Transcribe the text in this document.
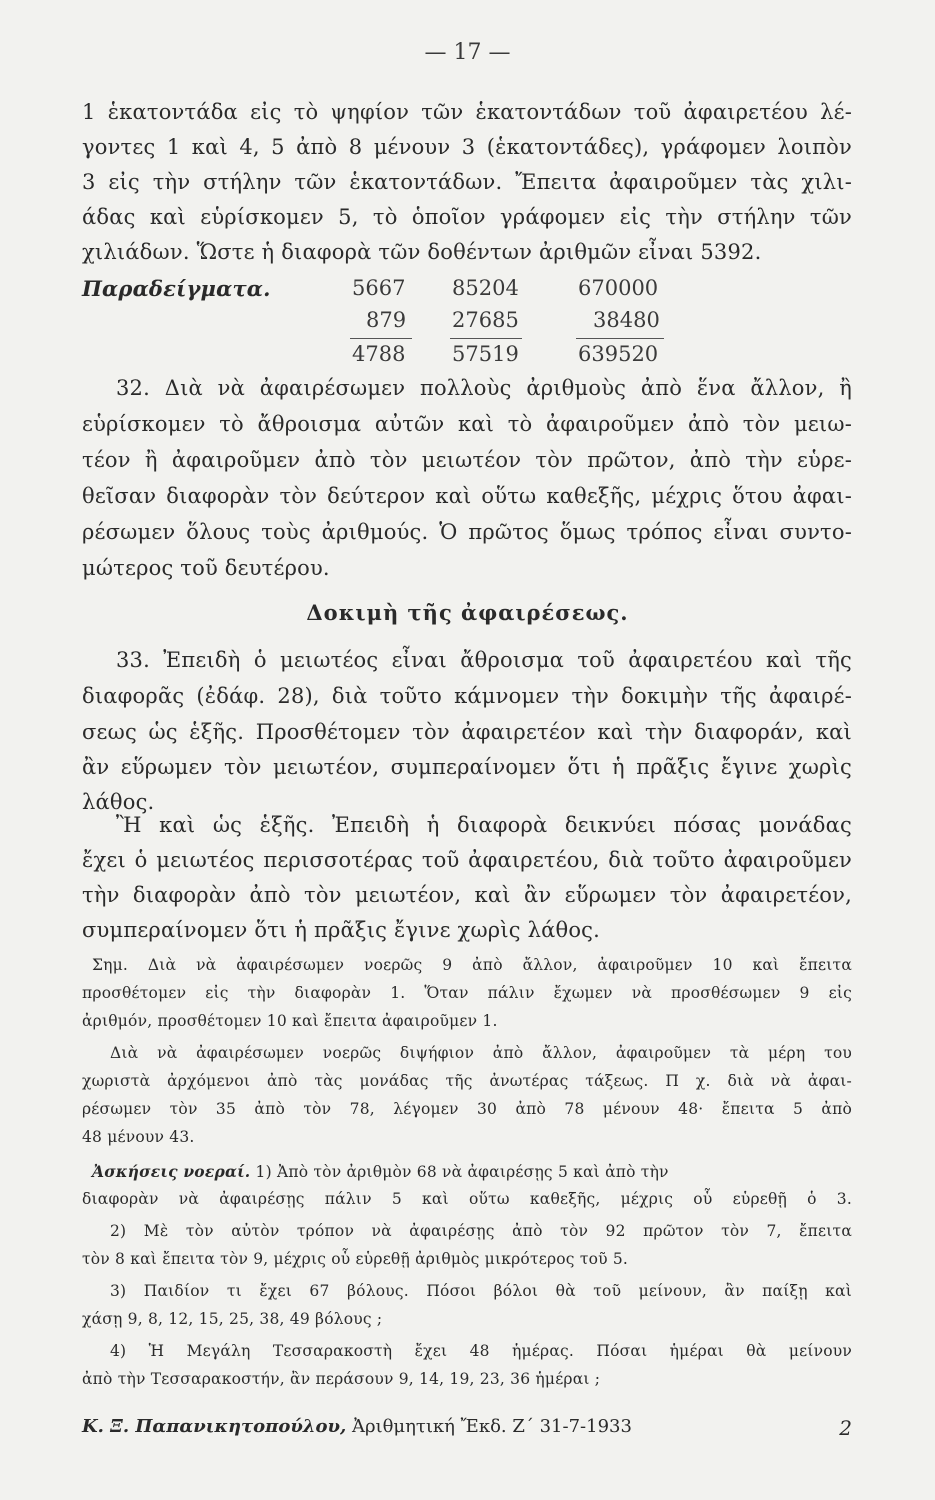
— 17 —
1 ἑκατοντάδα εἰς τὸ ψηφίον τῶν ἑκατοντάδων τοῦ ἀφαιρετέου λέ-
γοντες 1 καὶ 4, 5 ἀπὸ 8 μένουν 3 (ἑκατοντάδες), γράφομεν λοιπὸν
3 εἰς τὴν στήλην τῶν ἑκατοντάδων. Ἔπειτα ἀφαιροῦμεν τὰς χιλι-
άδας καὶ εὑρίσκομεν 5, τὸ ὁποῖον γράφομεν εἰς τὴν στήλην τῶν
χιλιάδων. Ὥστε ἡ διαφορὰ τῶν δοθέντων ἀριθμῶν εἶναι 5392.
Παραδείγματα.	5667
879
4788
85204
27685
57519
670000
38480
639520
32. Διὰ νὰ ἀφαιρέσωμεν πολλοὺς ἀριθμοὺς ἀπὸ ἕνα ἄλλον, ἢ
εὑρίσκομεν τὸ ἄθροισμα αὐτῶν καὶ τὸ ἀφαιροῦμεν ἀπὸ τὸν μειω-
τέον ἢ ἀφαιροῦμεν ἀπὸ τὸν μειωτέον τὸν πρῶτον, ἀπὸ τὴν εὑρε-
θεῖσαν διαφορὰν τὸν δεύτερον καὶ οὕτω καθεξῆς, μέχρις ὅτου ἀφαι-
ρέσωμεν ὅλους τοὺς ἀριθμούς. Ὁ πρῶτος ὅμως τρόπος εἶναι συντο-
μώτερος τοῦ δευτέρου.
Δοκιμὴ τῆς ἀφαιρέσεως.
33. Ἐπειδὴ ὁ μειωτέος εἶναι ἄθροισμα τοῦ ἀφαιρετέου καὶ τῆς
διαφορᾶς (ἐδάφ. 28), διὰ τοῦτο κάμνομεν τὴν δοκιμὴν τῆς ἀφαιρέ-
σεως ὡς ἑξῆς. Προσθέτομεν τὸν ἀφαιρετέον καὶ τὴν διαφοράν, καὶ
ἂν εὕρωμεν τὸν μειωτέον, συμπεραίνομεν ὅτι ἡ πρᾶξις ἔγινε χωρὶς
λάθος.
Ἢ καὶ ὡς ἑξῆς. Ἐπειδὴ ἡ διαφορὰ δεικνύει πόσας μονάδας
ἔχει ὁ μειωτέος περισσοτέρας τοῦ ἀφαιρετέου, διὰ τοῦτο ἀφαιροῦμεν
τὴν διαφορὰν ἀπὸ τὸν μειωτέον, καὶ ἂν εὕρωμεν τὸν ἀφαιρετέον,
συμπεραίνομεν ὅτι ἡ πρᾶξις ἔγινε χωρὶς λάθος.
Σημ. Διὰ νὰ ἀφαιρέσωμεν νοερῶς 9 ἀπὸ ἄλλον, ἀφαιροῦμεν 10 καὶ ἔπειτα
προσθέτομεν εἰς τὴν διαφορὰν 1. Ὅταν πάλιν ἔχωμεν νὰ προσθέσωμεν 9 εἰς
ἀριθμόν, προσθέτομεν 10 καὶ ἔπειτα ἀφαιροῦμεν 1.
Διὰ νὰ ἀφαιρέσωμεν νοερῶς διψήφιον ἀπὸ ἄλλον, ἀφαιροῦμεν τὰ μέρη του
χωριστὰ ἀρχόμενοι ἀπὸ τὰς μονάδας τῆς ἀνωτέρας τάξεως. Π χ. διὰ νὰ ἀφαι-
ρέσωμεν τὸν 35 ἀπὸ τὸν 78, λέγομεν 30 ἀπὸ 78 μένουν 48· ἔπειτα 5 ἀπὸ
48 μένουν 43.
Ἀσκήσεις νοεραί. 1) Ἀπὸ τὸν ἀριθμὸν 68 νὰ ἀφαιρέσῃς 5 καὶ ἀπὸ τὴν
διαφορὰν νὰ ἀφαιρέσῃς πάλιν 5 καὶ οὕτω καθεξῆς, μέχρις οὗ εὑρεθῇ ὁ 3.
2) Μὲ τὸν αὐτὸν τρόπον νὰ ἀφαιρέσῃς ἀπὸ τὸν 92 πρῶτον τὸν 7, ἔπειτα
τὸν 8 καὶ ἔπειτα τὸν 9, μέχρις οὗ εὑρεθῇ ἀριθμὸς μικρότερος τοῦ 5.
3) Παιδίον τι ἔχει 67 βόλους. Πόσοι βόλοι θὰ τοῦ μείνουν, ἂν παίξῃ καὶ
χάσῃ 9, 8, 12, 15, 25, 38, 49 βόλους ;
4) Ἡ Μεγάλη Τεσσαρακοστὴ ἔχει 48 ἡμέρας. Πόσαι ἡμέραι θὰ μείνουν
ἀπὸ τὴν Τεσσαρακοστήν, ἂν περάσουν 9, 14, 19, 23, 36 ἡμέραι ;
Κ. Ξ. Παπανικητοπούλου, Ἀριθμητική Ἔκδ. Ζ΄ 31-7-1933	2
